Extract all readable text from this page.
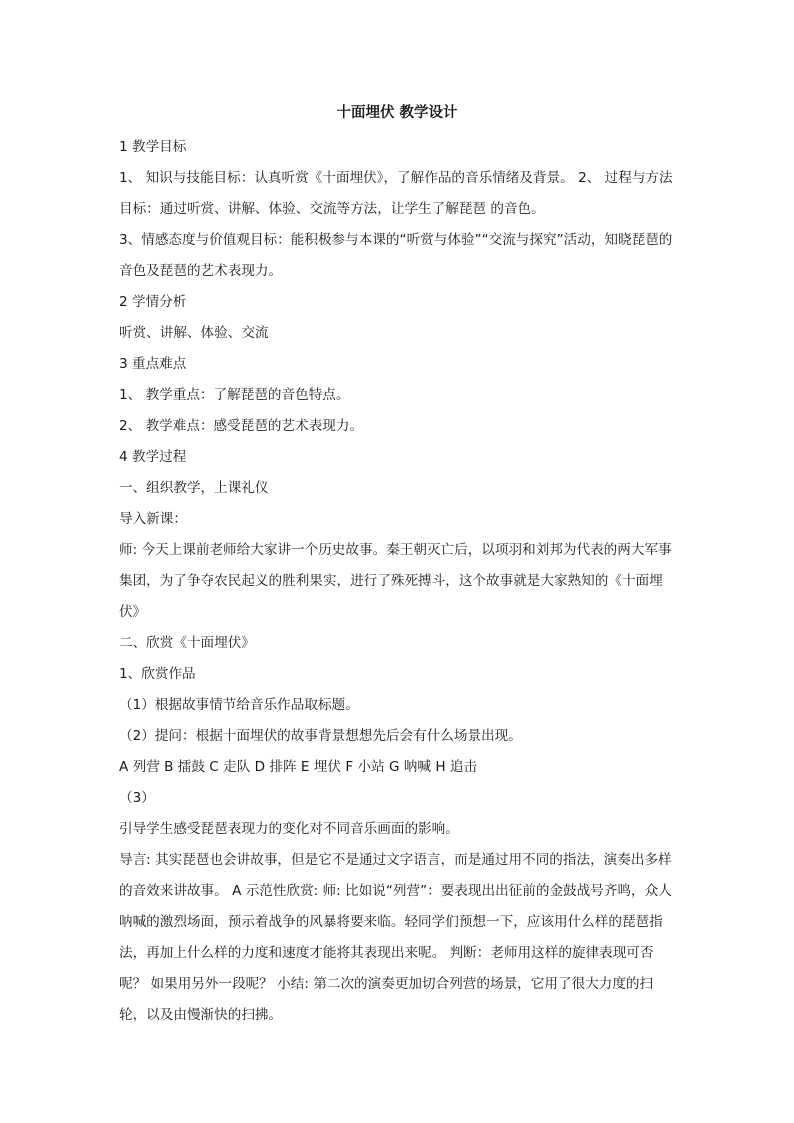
十面埋伏 教学设计

1 教学目标

1、 知识与技能目标：认真听赏《十面埋伏》，了解作品的音乐情绪及背景。 2、 过程与方法目标：通过听赏、讲解、体验、交流等方法，让学生了解琵琶 的音色。

3、情感态度与价值观目标：能积极参与本课的“听赏与体验”“交流与探究”活动，知晓琵琶的音色及琵琶的艺术表现力。

2 学情分析

听赏、讲解、体验、交流

3 重点难点

1、 教学重点：了解琵琶的音色特点。

2、 教学难点：感受琵琶的艺术表现力。

4 教学过程

一、组织教学，上课礼仪

导入新课：

师: 今天上课前老师给大家讲一个历史故事。秦王朝灭亡后，以项羽和刘邦为代表的两大军事集团，为了争夺农民起义的胜利果实，进行了殊死搏斗，这个故事就是大家熟知的《十面埋伏》

二、欣赏《十面埋伏》

1、欣赏作品

（1）根据故事情节给音乐作品取标题。

（2）提问：根据十面埋伏的故事背景想想先后会有什么场景出现。

A 列营 B 擂鼓 C 走队 D 排阵 E 埋伏 F 小站 G 呐喊 H 追击

（3）

引导学生感受琵琶表现力的变化对不同音乐画面的影响。

导言: 其实琵琶也会讲故事，但是它不是通过文字语言，而是通过用不同的指法，演奏出多样的音效来讲故事。 A 示范性欣赏: 师: 比如说“列营”：要表现出出征前的金鼓战号齐鸣，众人呐喊的激烈场面，预示着战争的风暴将要来临。轻同学们预想一下，应该用什么样的琵琶指法，再加上什么样的力度和速度才能将其表现出来呢。 判断：老师用这样的旋律表现可否呢？ 如果用另外一段呢？ 小结: 第二次的演奏更加切合列营的场景，它用了很大力度的扫轮，以及由慢渐快的扫拂。
